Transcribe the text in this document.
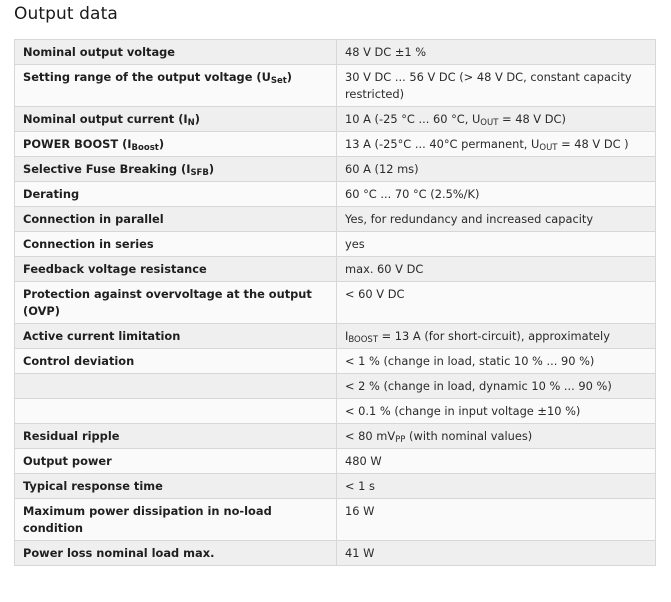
Output data
Nominal output voltage	48 V DC ±1 %
Setting range of the output voltage $(U_{Set})$	30 V DC ... 56 V DC (> 48 V DC, constant capacity restricted)
Nominal output current $(I_N)$	10 A (-25 °C ... 60 °C, $U_{OUT} = 48$ V DC)
POWER BOOST $(I_{Boost})$	13 A (-25°C ... 40°C permanent, $U_{OUT} = 48$ V DC )
Selective Fuse Breaking $(I_{SFB})$	60 A (12 ms)
Derating	60 °C ... 70 °C (2.5%/K)
Connection in parallel	Yes, for redundancy and increased capacity
Connection in series	yes
Feedback voltage resistance	max. 60 V DC
Protection against overvoltage at the output (OVP)	< 60 V DC
Active current limitation	$I_{BOOST} = 13$ A (for short-circuit), approximately
Control deviation	< 1 % (change in load, static 10 % ... 90 %)
	< 2 % (change in load, dynamic 10 % ... 90 %)
	< 0.1 % (change in input voltage ±10 %)
Residual ripple	< 80 $mV_{PP}$ (with nominal values)
Output power	480 W
Typical response time	< 1 s
Maximum power dissipation in no-load condition	16 W
Power loss nominal load max.	41 W
